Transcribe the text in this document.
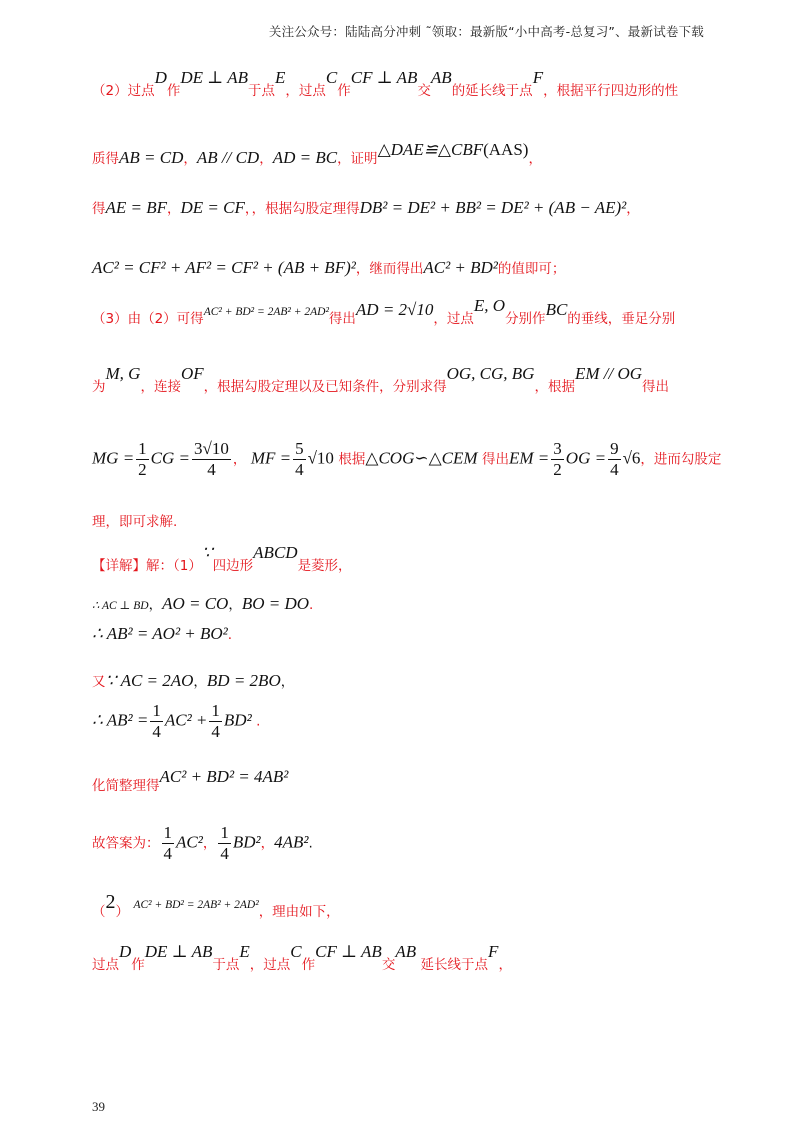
关注公众号：陆陆高分冲刺 ˜领取：最新版“小中高考-总复习”、最新试卷下载
（2）过点D作DE ⊥ AB于点E，过点C作CF ⊥ AB交AB的延长线于点F，根据平行四边形的性
质得AB = CD，AB // CD，AD = BC，证明△DAE≌△CBF(AAS)，
得AE = BF，DE = CF，，根据勾股定理得DB² = DE² + BB² = DE² + (AB − AE)²，
AC² = CF² + AF² = CF² + (AB + BF)²，继而得出AC² + BD²的值即可；
（3）由（2）可得$^{AC^2 + BD^2 = 2AB^2 + 2AD^2}$得出AD = 2√10，过点E, O分别作BC的垂线，垂足分别
为M, G，连接OF，根据勾股定理以及已知条件，分别求得OG, CG, BG，根据EM // OG得出
MG = $\frac{1}{2}$ CG = $\frac{3√10}{4}$ ， MF = $\frac{5}{4} √10$ 根据△COG∽△CEM 得出EM = $\frac{3}{2}$ OG = $\frac{9}{4} √6$，进而勾股定
理，即可求解.
【详解】解：（1）∵四边形ABCD是菱形，
∴ AC ⊥ BD，AO = CO，BO = DO.
∴ AB² = AO² + BO².
又∵ AC = 2AO，BD = 2BO，
∴ $AB^2 = \frac{1}{4} AC^2 + \frac{1}{4} BD^2$ .
化简整理得AC² + BD² = 4AB²
故答案为： $\frac{1}{4} AC^2$， $\frac{1}{4} BD^2$，4AB².
（2） $^{AC^2 + BD^2 = 2AB^2 + 2AD^2}$，理由如下，
过点D作DE ⊥ AB于点E，过点C作CF ⊥ AB交AB 延长线于点F，
39
